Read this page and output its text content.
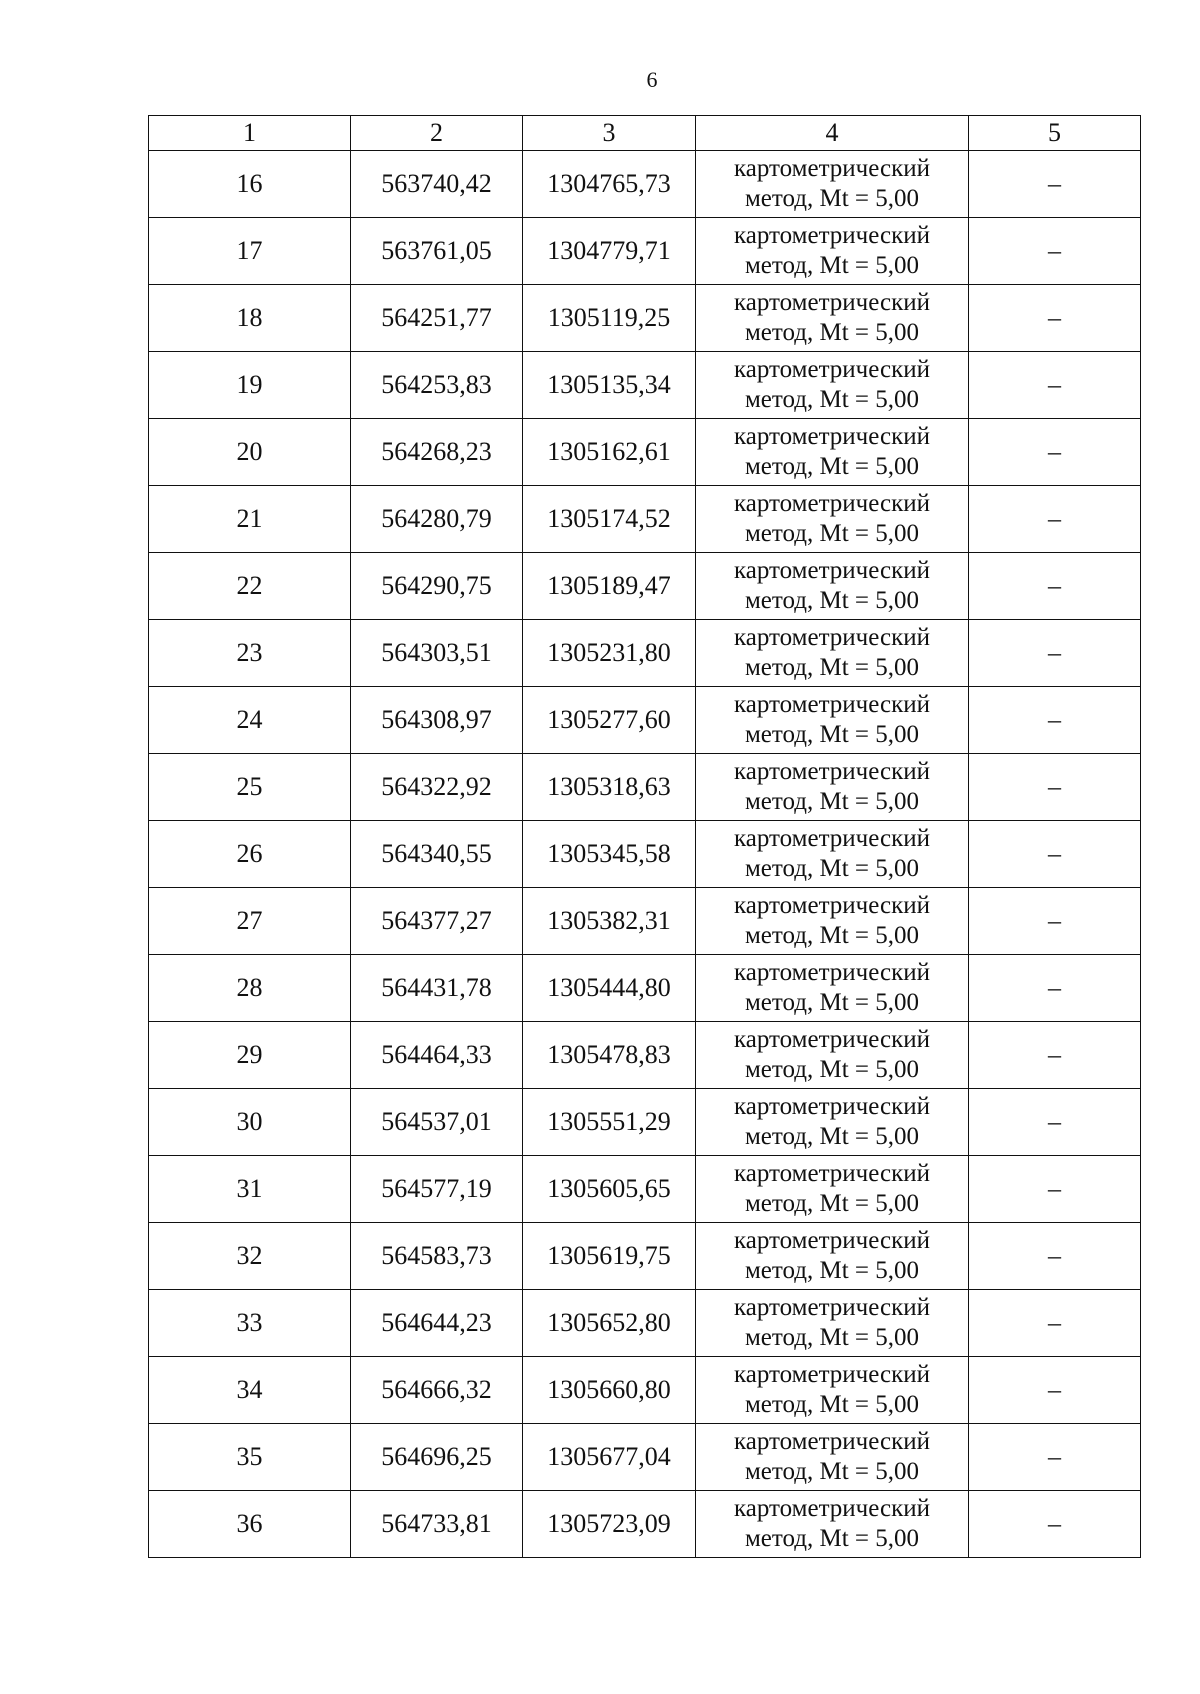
6
1	2	3	4	5
16	563740,42	1304765,73	картометрический
метод, Mt = 5,00	–
17	563761,05	1304779,71	картометрический
метод, Mt = 5,00	–
18	564251,77	1305119,25	картометрический
метод, Mt = 5,00	–
19	564253,83	1305135,34	картометрический
метод, Mt = 5,00	–
20	564268,23	1305162,61	картометрический
метод, Mt = 5,00	–
21	564280,79	1305174,52	картометрический
метод, Mt = 5,00	–
22	564290,75	1305189,47	картометрический
метод, Mt = 5,00	–
23	564303,51	1305231,80	картометрический
метод, Mt = 5,00	–
24	564308,97	1305277,60	картометрический
метод, Mt = 5,00	–
25	564322,92	1305318,63	картометрический
метод, Mt = 5,00	–
26	564340,55	1305345,58	картометрический
метод, Mt = 5,00	–
27	564377,27	1305382,31	картометрический
метод, Mt = 5,00	–
28	564431,78	1305444,80	картометрический
метод, Mt = 5,00	–
29	564464,33	1305478,83	картометрический
метод, Mt = 5,00	–
30	564537,01	1305551,29	картометрический
метод, Mt = 5,00	–
31	564577,19	1305605,65	картометрический
метод, Mt = 5,00	–
32	564583,73	1305619,75	картометрический
метод, Mt = 5,00	–
33	564644,23	1305652,80	картометрический
метод, Mt = 5,00	–
34	564666,32	1305660,80	картометрический
метод, Mt = 5,00	–
35	564696,25	1305677,04	картометрический
метод, Mt = 5,00	–
36	564733,81	1305723,09	картометрический
метод, Mt = 5,00	–
